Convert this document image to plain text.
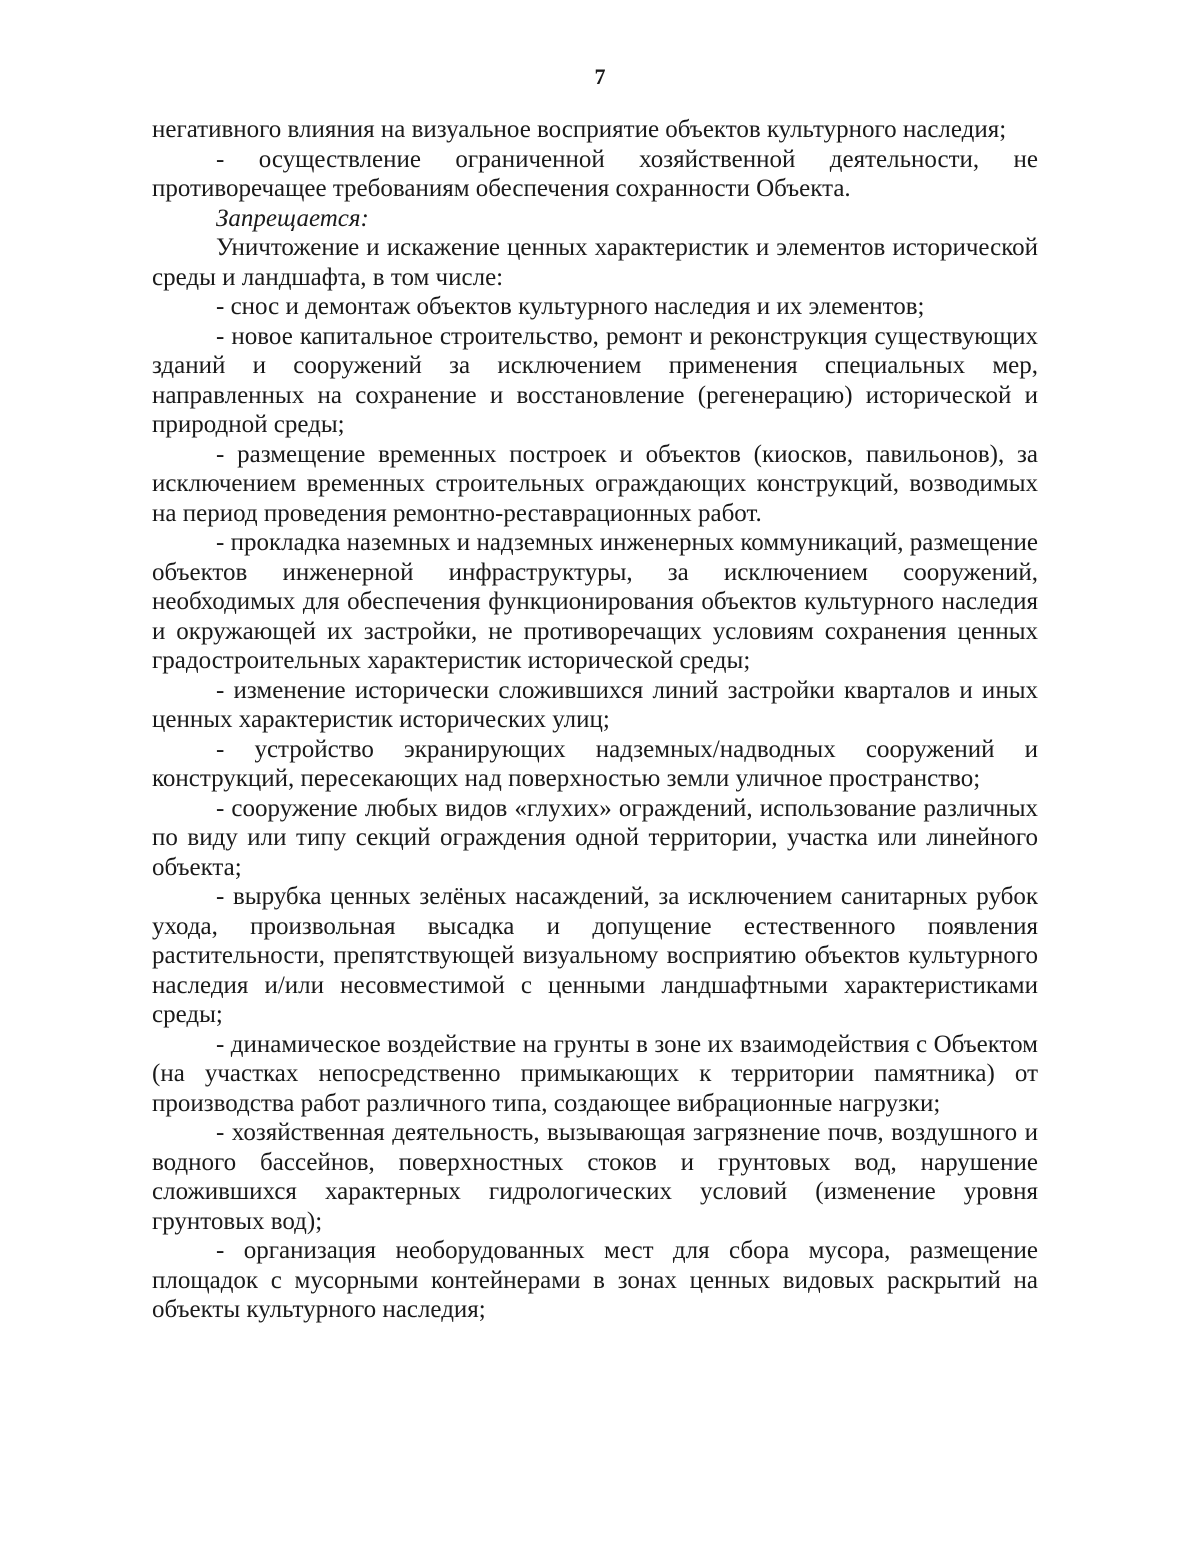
7

негативного влияния на визуальное восприятие объектов культурного наследия;

- осуществление ограниченной хозяйственной деятельности, не противоречащее требованиям обеспечения сохранности Объекта.

Запрещается:

Уничтожение и искажение ценных характеристик и элементов исторической среды и ландшафта, в том числе:

- снос и демонтаж объектов культурного наследия и их элементов;

- новое капитальное строительство, ремонт и реконструкция существующих зданий и сооружений за исключением применения специальных мер, направленных на сохранение и восстановление (регенерацию) исторической и природной среды;

- размещение временных построек и объектов (киосков, павильонов), за исключением временных строительных ограждающих конструкций, возводимых на период проведения ремонтно-реставрационных работ.

- прокладка наземных и надземных инженерных коммуникаций, размещение объектов инженерной инфраструктуры, за исключением сооружений, необходимых для обеспечения функционирования объектов культурного наследия и окружающей их застройки, не противоречащих условиям сохранения ценных градостроительных характеристик исторической среды;

- изменение исторически сложившихся линий застройки кварталов и иных ценных характеристик исторических улиц;

- устройство экранирующих надземных/надводных сооружений и конструкций, пересекающих над поверхностью земли уличное пространство;

- сооружение любых видов «глухих» ограждений, использование различных по виду или типу секций ограждения одной территории, участка или линейного объекта;

- вырубка ценных зелёных насаждений, за исключением санитарных рубок ухода, произвольная высадка и допущение естественного появления растительности, препятствующей визуальному восприятию объектов культурного наследия и/или несовместимой с ценными ландшафтными характеристиками среды;

- динамическое воздействие на грунты в зоне их взаимодействия с Объектом (на участках непосредственно примыкающих к территории памятника) от производства работ различного типа, создающее вибрационные нагрузки;

- хозяйственная деятельность, вызывающая загрязнение почв, воздушного и водного бассейнов, поверхностных стоков и грунтовых вод, нарушение сложившихся характерных гидрологических условий (изменение уровня грунтовых вод);

- организация необорудованных мест для сбора мусора, размещение площадок с мусорными контейнерами в зонах ценных видовых раскрытий на объекты культурного наследия;
